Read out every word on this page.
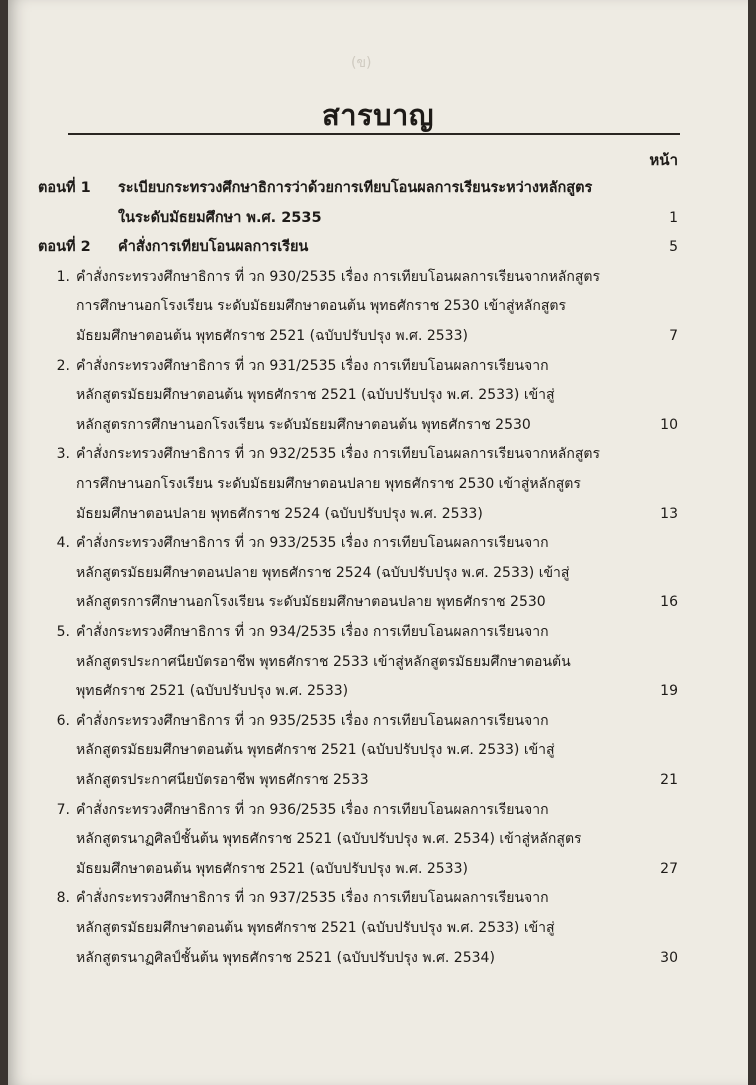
(ข)
สารบาญ
หน้า
ตอนที่ 1 ระเบียบกระทรวงศึกษาธิการว่าด้วยการเทียบโอนผลการเรียนระหว่างหลักสูตร
ในระดับมัธยมศึกษา พ.ศ. 2535	1
ตอนที่ 2 คำสั่งการเทียบโอนผลการเรียน	5
1. คำสั่งกระทรวงศึกษาธิการ ที่ วก 930/2535 เรื่อง การเทียบโอนผลการเรียนจากหลักสูตร
การศึกษานอกโรงเรียน ระดับมัธยมศึกษาตอนต้น พุทธศักราช 2530 เข้าสู่หลักสูตร
มัธยมศึกษาตอนต้น พุทธศักราช 2521 (ฉบับปรับปรุง พ.ศ. 2533)	7
2. คำสั่งกระทรวงศึกษาธิการ ที่ วก 931/2535 เรื่อง การเทียบโอนผลการเรียนจาก
หลักสูตรมัธยมศึกษาตอนต้น พุทธศักราช 2521 (ฉบับปรับปรุง พ.ศ. 2533) เข้าสู่
หลักสูตรการศึกษานอกโรงเรียน ระดับมัธยมศึกษาตอนต้น พุทธศักราช 2530	10
3. คำสั่งกระทรวงศึกษาธิการ ที่ วก 932/2535 เรื่อง การเทียบโอนผลการเรียนจากหลักสูตร
การศึกษานอกโรงเรียน ระดับมัธยมศึกษาตอนปลาย พุทธศักราช 2530 เข้าสู่หลักสูตร
มัธยมศึกษาตอนปลาย พุทธศักราช 2524 (ฉบับปรับปรุง พ.ศ. 2533)	13
4. คำสั่งกระทรวงศึกษาธิการ ที่ วก 933/2535 เรื่อง การเทียบโอนผลการเรียนจาก
หลักสูตรมัธยมศึกษาตอนปลาย พุทธศักราช 2524 (ฉบับปรับปรุง พ.ศ. 2533) เข้าสู่
หลักสูตรการศึกษานอกโรงเรียน ระดับมัธยมศึกษาตอนปลาย พุทธศักราช 2530	16
5. คำสั่งกระทรวงศึกษาธิการ ที่ วก 934/2535 เรื่อง การเทียบโอนผลการเรียนจาก
หลักสูตรประกาศนียบัตรอาชีพ พุทธศักราช 2533 เข้าสู่หลักสูตรมัธยมศึกษาตอนต้น
พุทธศักราช 2521 (ฉบับปรับปรุง พ.ศ. 2533)	19
6. คำสั่งกระทรวงศึกษาธิการ ที่ วก 935/2535 เรื่อง การเทียบโอนผลการเรียนจาก
หลักสูตรมัธยมศึกษาตอนต้น พุทธศักราช 2521 (ฉบับปรับปรุง พ.ศ. 2533) เข้าสู่
หลักสูตรประกาศนียบัตรอาชีพ พุทธศักราช 2533	21
7. คำสั่งกระทรวงศึกษาธิการ ที่ วก 936/2535 เรื่อง การเทียบโอนผลการเรียนจาก
หลักสูตรนาฏศิลป์ชั้นต้น พุทธศักราช 2521 (ฉบับปรับปรุง พ.ศ. 2534) เข้าสู่หลักสูตร
มัธยมศึกษาตอนต้น พุทธศักราช 2521 (ฉบับปรับปรุง พ.ศ. 2533)	27
8. คำสั่งกระทรวงศึกษาธิการ ที่ วก 937/2535 เรื่อง การเทียบโอนผลการเรียนจาก
หลักสูตรมัธยมศึกษาตอนต้น พุทธศักราช 2521 (ฉบับปรับปรุง พ.ศ. 2533) เข้าสู่
หลักสูตรนาฏศิลป์ชั้นต้น พุทธศักราช 2521 (ฉบับปรับปรุง พ.ศ. 2534)	30
